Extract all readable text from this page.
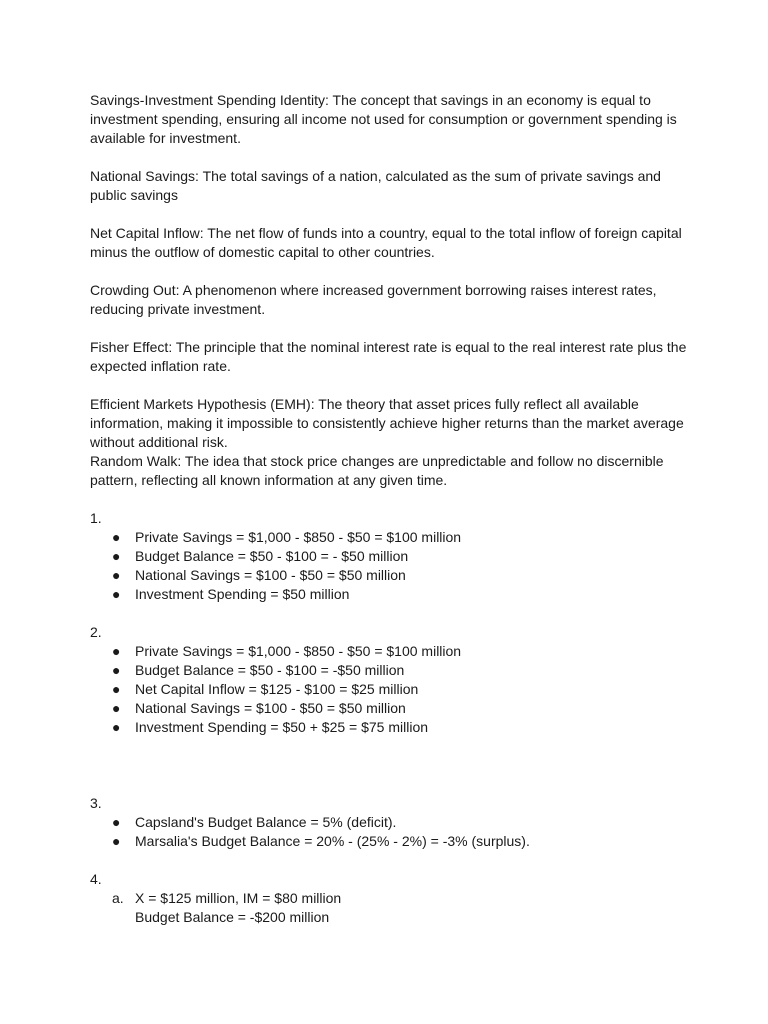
Savings-Investment Spending Identity: The concept that savings in an economy is equal to investment spending, ensuring all income not used for consumption or government spending is available for investment.

National Savings: The total savings of a nation, calculated as the sum of private savings and public savings

Net Capital Inflow: The net flow of funds into a country, equal to the total inflow of foreign capital minus the outflow of domestic capital to other countries.

Crowding Out: A phenomenon where increased government borrowing raises interest rates, reducing private investment.

Fisher Effect: The principle that the nominal interest rate is equal to the real interest rate plus the expected inflation rate.

Efficient Markets Hypothesis (EMH): The theory that asset prices fully reflect all available information, making it impossible to consistently achieve higher returns than the market average without additional risk.

Random Walk: The idea that stock price changes are unpredictable and follow no discernible pattern, reflecting all known information at any given time.

1.

● Private Savings = $1,000 - $850 - $50 = $100 million
● Budget Balance = $50 - $100 = - $50 million
● National Savings = $100 - $50 = $50 million
● Investment Spending = $50 million

2.

● Private Savings = $1,000 - $850 - $50 = $100 million
● Budget Balance = $50 - $100 = -$50 million
● Net Capital Inflow = $125 - $100 = $25 million
● National Savings = $100 - $50 = $50 million
● Investment Spending = $50 + $25 = $75 million

3.

● Capsland's Budget Balance = 5% (deficit).
● Marsalia's Budget Balance = 20% - (25% - 2%) = -3% (surplus).

4.

a. X = $125 million, IM = $80 million
Budget Balance = -$200 million
